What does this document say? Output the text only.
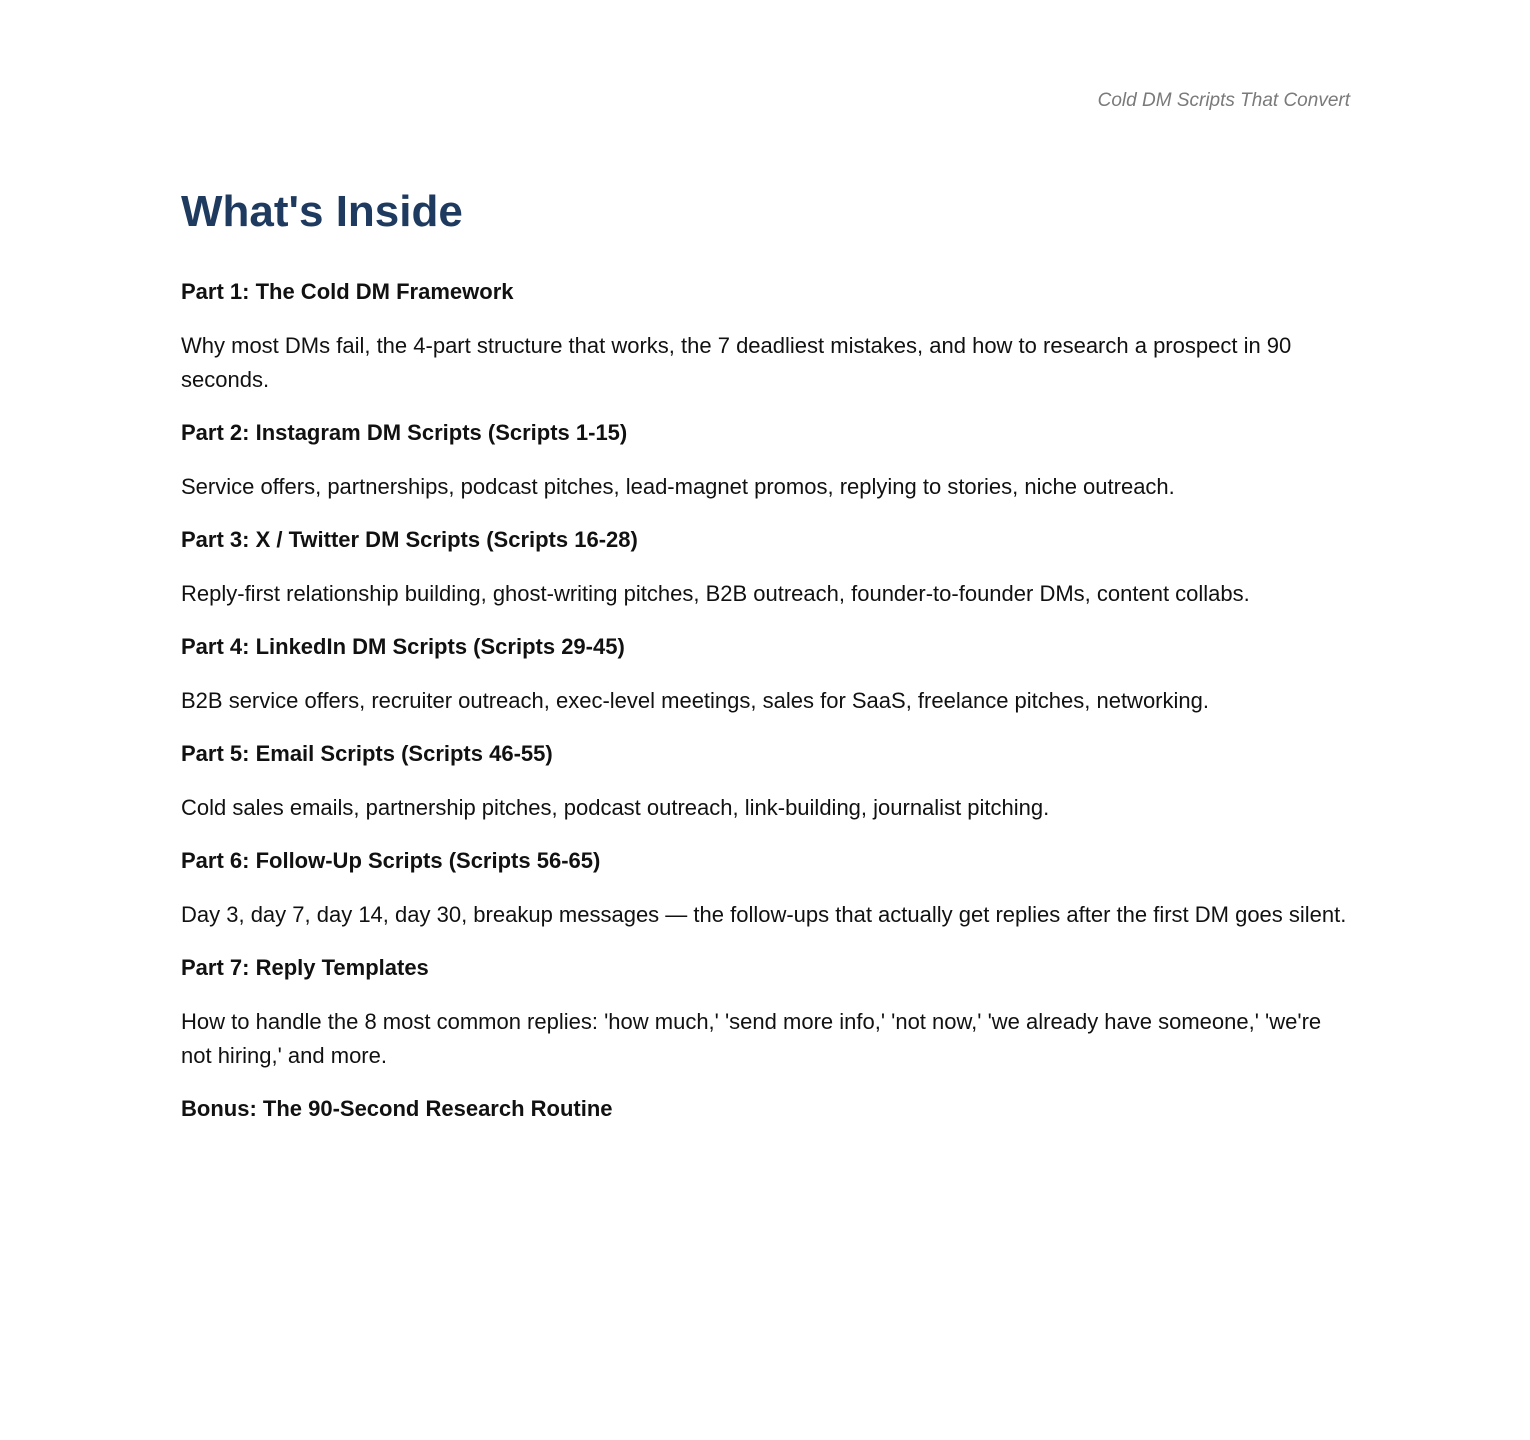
Cold DM Scripts That Convert
What's Inside

Part 1: The Cold DM Framework

Why most DMs fail, the 4-part structure that works, the 7 deadliest mistakes, and how to research a prospect in 90 seconds.

Part 2: Instagram DM Scripts (Scripts 1-15)

Service offers, partnerships, podcast pitches, lead-magnet promos, replying to stories, niche outreach.

Part 3: X / Twitter DM Scripts (Scripts 16-28)

Reply-first relationship building, ghost-writing pitches, B2B outreach, founder-to-founder DMs, content collabs.

Part 4: LinkedIn DM Scripts (Scripts 29-45)

B2B service offers, recruiter outreach, exec-level meetings, sales for SaaS, freelance pitches, networking.

Part 5: Email Scripts (Scripts 46-55)

Cold sales emails, partnership pitches, podcast outreach, link-building, journalist pitching.

Part 6: Follow-Up Scripts (Scripts 56-65)

Day 3, day 7, day 14, day 30, breakup messages — the follow-ups that actually get replies after the first DM goes silent.

Part 7: Reply Templates

How to handle the 8 most common replies: 'how much,' 'send more info,' 'not now,' 'we already have someone,' 'we're not hiring,' and more.

Bonus: The 90-Second Research Routine
